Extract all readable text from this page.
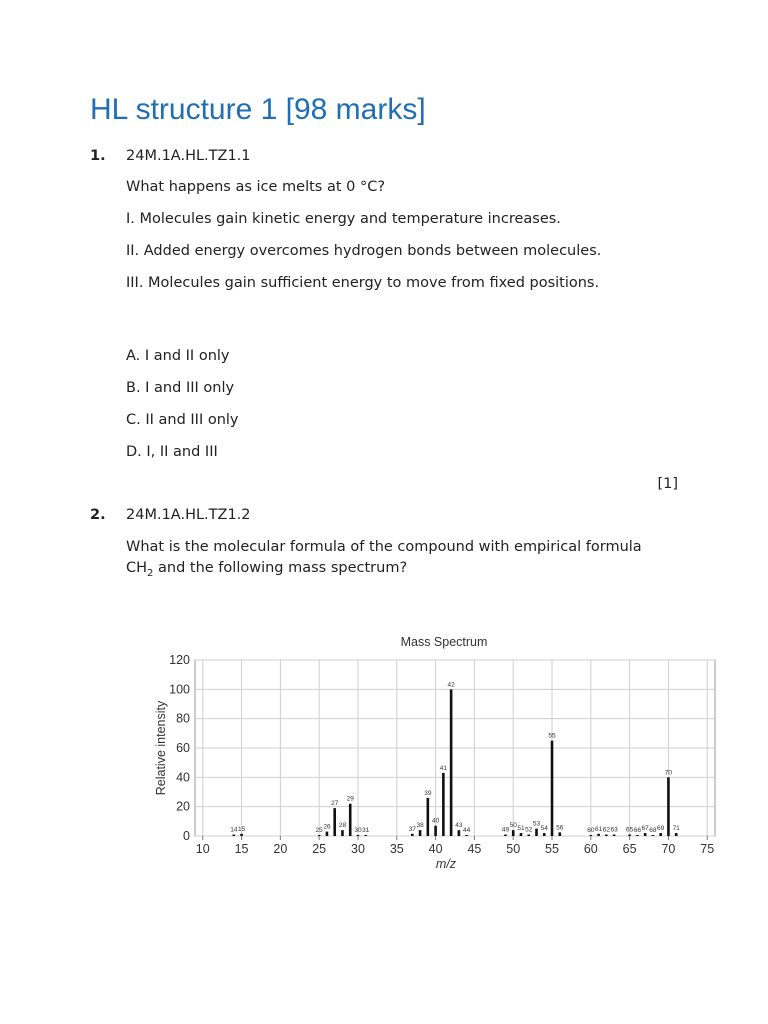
HL structure 1 [98 marks]
1. 24M.1A.HL.TZ1.1
What happens as ice melts at 0 °C?
I. Molecules gain kinetic energy and temperature increases.
II. Added energy overcomes hydrogen bonds between molecules.
III. Molecules gain sufficient energy to move from fixed positions.
A. I and II only
B. I and III only
C. II and III only
D. I, II and III
[1]
2. 24M.1A.HL.TZ1.2
What is the molecular formula of the compound with empirical formula
$CH_2$ and the following mass spectrum?
Mass Spectrum
Relative intensity
m/z
10 15 20 25 30 35 40 45 50 55 60 65 70 75
0
20
40
60
80
100
120
14 15	25 26
27
28
29
30 31	37
38
39
40
41
42
43
44	49
50 51 52
53
54
55
56	60 61 62 63 65 66 67 68 69
70
71
